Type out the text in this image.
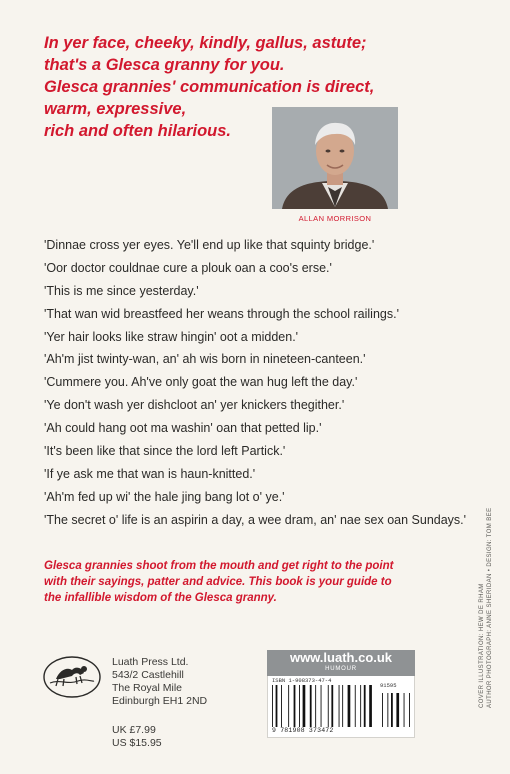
In yer face, cheeky, kindly, gallus, astute;
that's a Glesca granny for you.
Glesca grannies' communication is direct,
warm, expressive,
rich and often hilarious.
ALLAN MORRISON
'Dinnae cross yer eyes. Ye'll end up like that squinty bridge.'
'Oor doctor couldnae cure a plouk oan a coo's erse.'
'This is me since yesterday.'
'That wan wid breastfeed her weans through the school railings.'
'Yer hair looks like straw hingin' oot a midden.'
'Ah'm jist twinty-wan, an' ah wis born in nineteen-canteen.'
'Cummere you. Ah've only goat the wan hug left the day.'
'Ye don't wash yer dishcloot an' yer knickers thegither.'
'Ah could hang oot ma washin' oan that petted lip.'
'It's been like that since the lord left Partick.'
'If ye ask me that wan is haun-knitted.'
'Ah'm fed up wi' the hale jing bang lot o' ye.'
'The secret o' life is an aspirin a day, a wee dram, an' nae sex oan Sundays.'
Glesca grannies shoot from the mouth and get right to the point
with their sayings, patter and advice. This book is your guide to
the infallible wisdom of the Glesca granny.
Luath Press Ltd.
543/2 Castlehill
The Royal Mile
Edinburgh EH1 2ND
UK £7.99
US $15.95
www.luath.co.uk
HUMOUR
ISBN 1-908373-47-4
91595
9 781908 373472
COVER ILLUSTRATION: HEW DE RHAM AUTHOR PHOTOGRAPH: ANNE SHERIDAN • DESIGN: TOM BEE
